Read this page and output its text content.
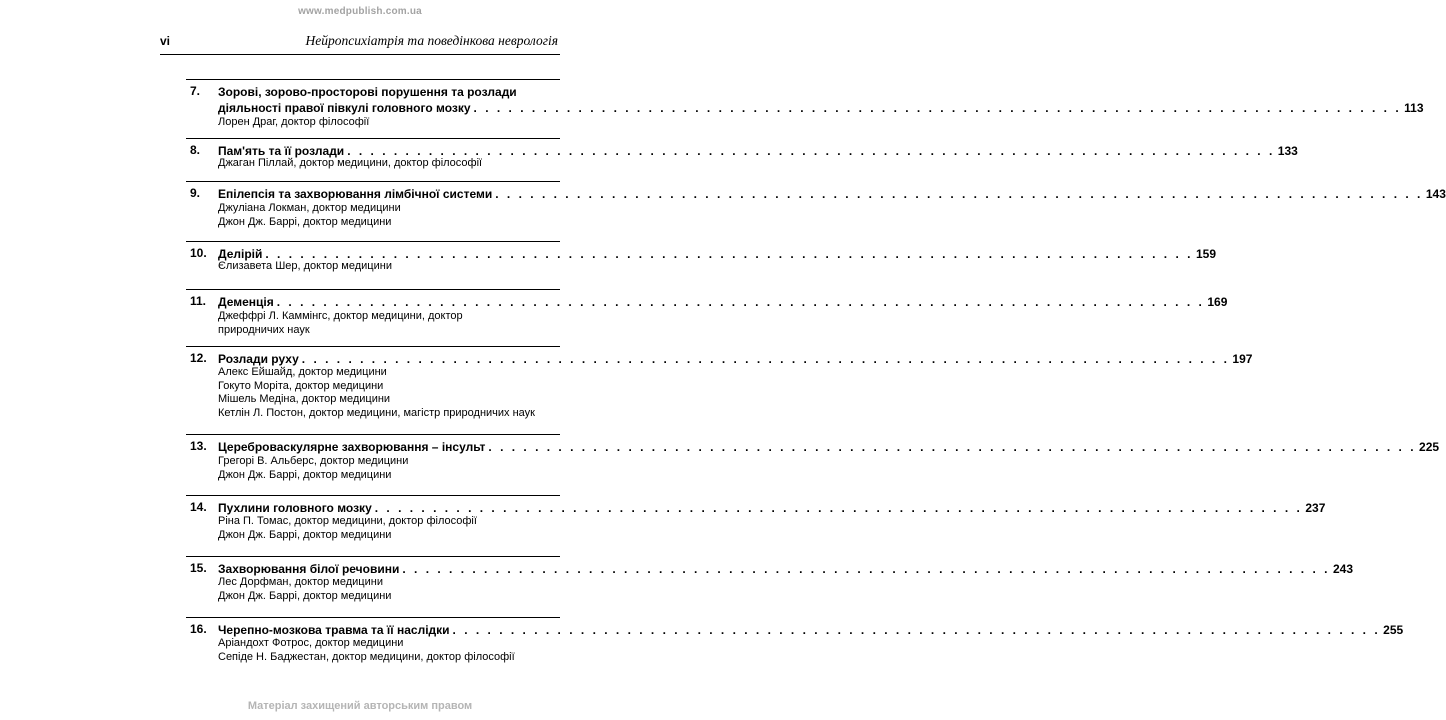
www.medpublish.com.ua
vi	Нейропсихіатрія та поведінкова неврологія
7. Зорові, зорово-просторові порушення та розлади
діяльності правої півкулі головного мозку . . . . . . . . . . . . . . . . . . . . . . . . . . . . . . . . . . . . . . . . . . . . . . . . . . . . . . . . . . . . . . . . . . . . . . . . . . . . . . . . 113
Лорен Драг, доктор філософії
8. Пам'ять та її розлади . . . . . . . . . . . . . . . . . . . . . . . . . . . . . . . . . . . . . . . . . . . . . . . . . . . . . . . . . . . . . . . . . . . . . . . . . . . . . . . . 133
Джаган Піллай, доктор медицини, доктор філософії
9. Епілепсія та захворювання лімбічної системи . . . . . . . . . . . . . . . . . . . . . . . . . . . . . . . . . . . . . . . . . . . . . . . . . . . . . . . . . . . . . . . . . . . . . . . . . . . . . . . . 143
Джуліана Локман, доктор медицини
Джон Дж. Баррі, доктор медицини
10. Делірій . . . . . . . . . . . . . . . . . . . . . . . . . . . . . . . . . . . . . . . . . . . . . . . . . . . . . . . . . . . . . . . . . . . . . . . . . . . . . . . . 159
Єлизавета Шер, доктор медицини
11. Деменція . . . . . . . . . . . . . . . . . . . . . . . . . . . . . . . . . . . . . . . . . . . . . . . . . . . . . . . . . . . . . . . . . . . . . . . . . . . . . . . . 169
Джеффрі Л. Каммінгс, доктор медицини, доктор
природничих наук
12. Розлади руху . . . . . . . . . . . . . . . . . . . . . . . . . . . . . . . . . . . . . . . . . . . . . . . . . . . . . . . . . . . . . . . . . . . . . . . . . . . . . . . . 197
Алекс Ейшайд, доктор медицини
Гокуто Моріта, доктор медицини
Мішель Медіна, доктор медицини
Кетлін Л. Постон, доктор медицини, магістр природничих наук
13. Цереброваскулярне захворювання – інсульт . . . . . . . . . . . . . . . . . . . . . . . . . . . . . . . . . . . . . . . . . . . . . . . . . . . . . . . . . . . . . . . . . . . . . . . . . . . . . . . . 225
Грегорі В. Альберс, доктор медицини
Джон Дж. Баррі, доктор медицини
14. Пухлини головного мозку . . . . . . . . . . . . . . . . . . . . . . . . . . . . . . . . . . . . . . . . . . . . . . . . . . . . . . . . . . . . . . . . . . . . . . . . . . . . . . . . 237
Ріна П. Томас, доктор медицини, доктор філософії
Джон Дж. Баррі, доктор медицини
15. Захворювання білої речовини . . . . . . . . . . . . . . . . . . . . . . . . . . . . . . . . . . . . . . . . . . . . . . . . . . . . . . . . . . . . . . . . . . . . . . . . . . . . . . . . 243
Лес Дорфман, доктор медицини
Джон Дж. Баррі, доктор медицини
16. Черепно-мозкова травма та її наслідки . . . . . . . . . . . . . . . . . . . . . . . . . . . . . . . . . . . . . . . . . . . . . . . . . . . . . . . . . . . . . . . . . . . . . . . . . . . . . . . . 255
Аріандохт Фотрос, доктор медицини
Сепіде Н. Баджестан, доктор медицини, доктор філософії
Матеріал захищений авторським правом
